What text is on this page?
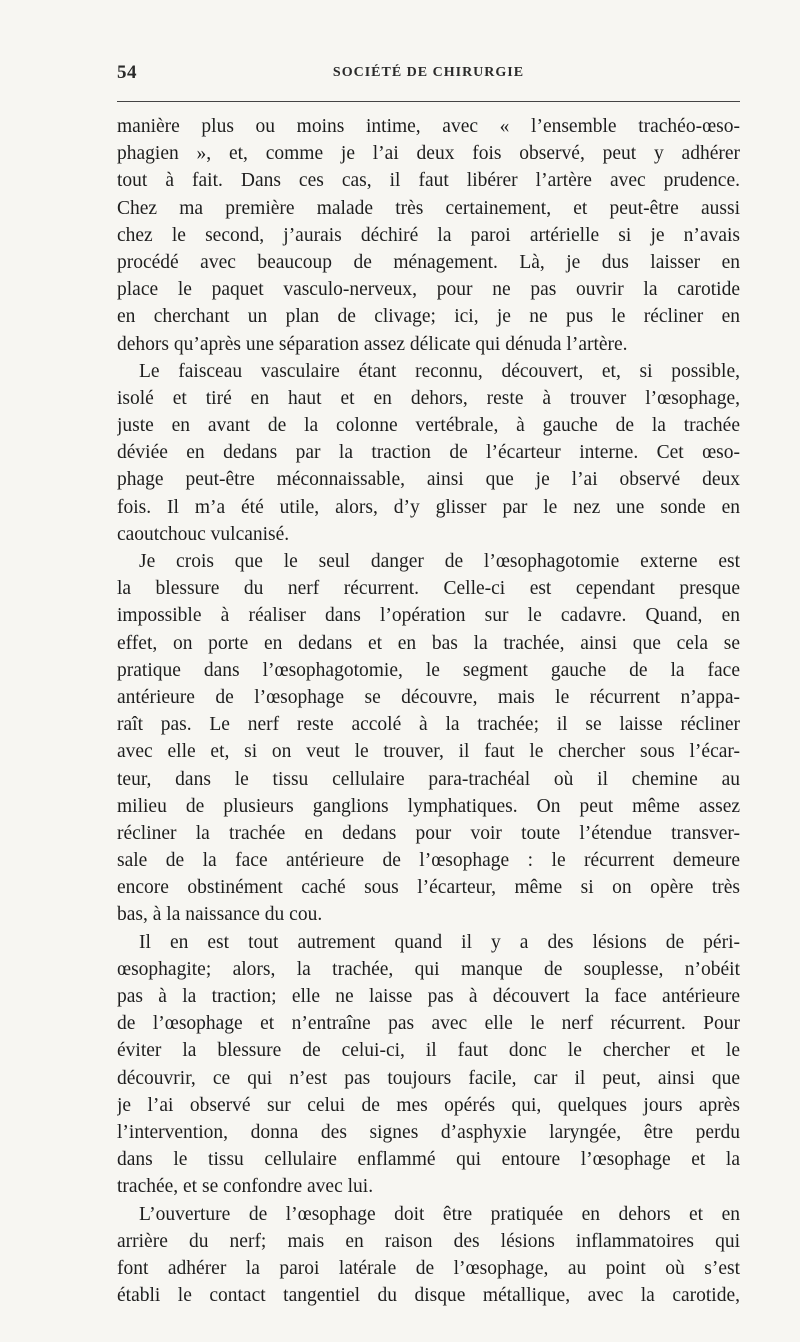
54	SOCIÉTÉ DE CHIRURGIE
manière plus ou moins intime, avec « l’ensemble trachéo-œso-
phagien », et, comme je l’ai deux fois observé, peut y adhérer
tout à fait. Dans ces cas, il faut libérer l’artère avec prudence.
Chez ma première malade très certainement, et peut-être aussi
chez le second, j’aurais déchiré la paroi artérielle si je n’avais
procédé avec beaucoup de ménagement. Là, je dus laisser en
place le paquet vasculo-nerveux, pour ne pas ouvrir la carotide
en cherchant un plan de clivage; ici, je ne pus le récliner en
dehors qu’après une séparation assez délicate qui dénuda l’artère.
Le faisceau vasculaire étant reconnu, découvert, et, si possible,
isolé et tiré en haut et en dehors, reste à trouver l’œsophage,
juste en avant de la colonne vertébrale, à gauche de la trachée
déviée en dedans par la traction de l’écarteur interne. Cet œso-
phage peut-être méconnaissable, ainsi que je l’ai observé deux
fois. Il m’a été utile, alors, d’y glisser par le nez une sonde en
caoutchouc vulcanisé.
Je crois que le seul danger de l’œsophagotomie externe est
la blessure du nerf récurrent. Celle-ci est cependant presque
impossible à réaliser dans l’opération sur le cadavre. Quand, en
effet, on porte en dedans et en bas la trachée, ainsi que cela se
pratique dans l’œsophagotomie, le segment gauche de la face
antérieure de l’œsophage se découvre, mais le récurrent n’appa-
raît pas. Le nerf reste accolé à la trachée; il se laisse récliner
avec elle et, si on veut le trouver, il faut le chercher sous l’écar-
teur, dans le tissu cellulaire para-trachéal où il chemine au
milieu de plusieurs ganglions lymphatiques. On peut même assez
récliner la trachée en dedans pour voir toute l’étendue transver-
sale de la face antérieure de l’œsophage : le récurrent demeure
encore obstinément caché sous l’écarteur, même si on opère très
bas, à la naissance du cou.
Il en est tout autrement quand il y a des lésions de péri-
œsophagite; alors, la trachée, qui manque de souplesse, n’obéit
pas à la traction; elle ne laisse pas à découvert la face antérieure
de l’œsophage et n’entraîne pas avec elle le nerf récurrent. Pour
éviter la blessure de celui-ci, il faut donc le chercher et le
découvrir, ce qui n’est pas toujours facile, car il peut, ainsi que
je l’ai observé sur celui de mes opérés qui, quelques jours après
l’intervention, donna des signes d’asphyxie laryngée, être perdu
dans le tissu cellulaire enflammé qui entoure l’œsophage et la
trachée, et se confondre avec lui.
L’ouverture de l’œsophage doit être pratiquée en dehors et en
arrière du nerf; mais en raison des lésions inflammatoires qui
font adhérer la paroi latérale de l’œsophage, au point où s’est
établi le contact tangentiel du disque métallique, avec la carotide,
